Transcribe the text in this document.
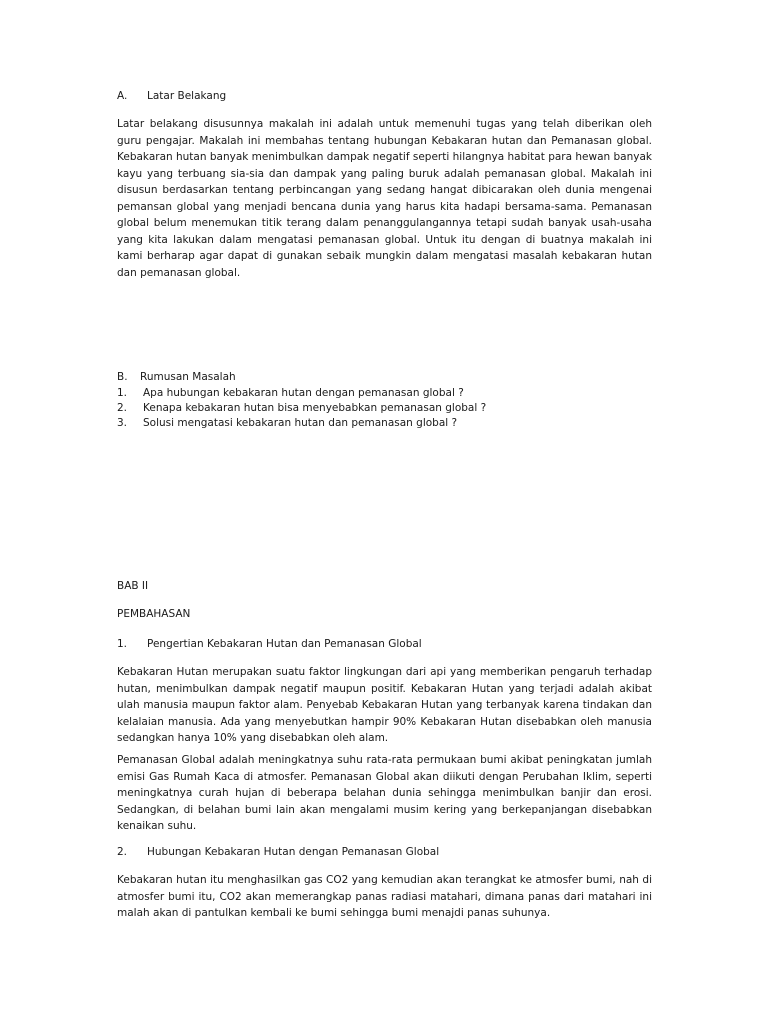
A. Latar Belakang

Latar belakang disusunnya makalah ini adalah untuk memenuhi tugas yang telah diberikan oleh guru pengajar. Makalah ini membahas tentang hubungan Kebakaran hutan dan Pemanasan global. Kebakaran hutan banyak menimbulkan dampak negatif seperti hilangnya habitat para hewan banyak kayu yang terbuang sia-sia dan dampak yang paling buruk adalah pemanasan global. Makalah ini disusun berdasarkan tentang perbincangan yang sedang hangat dibicarakan oleh dunia mengenai pemansan global yang menjadi bencana dunia yang harus kita hadapi bersama-sama. Pemanasan global belum menemukan titik terang dalam penanggulangannya tetapi sudah banyak usah-usaha yang kita lakukan dalam mengatasi pemanasan global. Untuk itu dengan di buatnya makalah ini kami berharap agar dapat di gunakan sebaik mungkin dalam mengatasi masalah kebakaran hutan dan pemanasan global.

B. Rumusan Masalah
1. Apa hubungan kebakaran hutan dengan pemanasan global ?
2. Kenapa kebakaran hutan bisa menyebabkan pemanasan global ?
3. Solusi mengatasi kebakaran hutan dan pemanasan global ?
BAB II
PEMBAHASAN
1. Pengertian Kebakaran Hutan dan Pemanasan Global

Kebakaran Hutan merupakan suatu faktor lingkungan dari api yang memberikan pengaruh terhadap hutan, menimbulkan dampak negatif maupun positif. Kebakaran Hutan yang terjadi adalah akibat ulah manusia maupun faktor alam. Penyebab Kebakaran Hutan yang terbanyak karena tindakan dan kelalaian manusia. Ada yang menyebutkan hampir 90% Kebakaran Hutan disebabkan oleh manusia sedangkan hanya 10% yang disebabkan oleh alam.

Pemanasan Global adalah meningkatnya suhu rata-rata permukaan bumi akibat peningkatan jumlah emisi Gas Rumah Kaca di atmosfer. Pemanasan Global akan diikuti dengan Perubahan Iklim, seperti meningkatnya curah hujan di beberapa belahan dunia sehingga menimbulkan banjir dan erosi. Sedangkan, di belahan bumi lain akan mengalami musim kering yang berkepanjangan disebabkan kenaikan suhu.

2. Hubungan Kebakaran Hutan dengan Pemanasan Global

Kebakaran hutan itu menghasilkan gas CO2 yang kemudian akan terangkat ke atmosfer bumi, nah di atmosfer bumi itu, CO2 akan memerangkap panas radiasi matahari, dimana panas dari matahari ini malah akan di pantulkan kembali ke bumi sehingga bumi menajdi panas suhunya.
